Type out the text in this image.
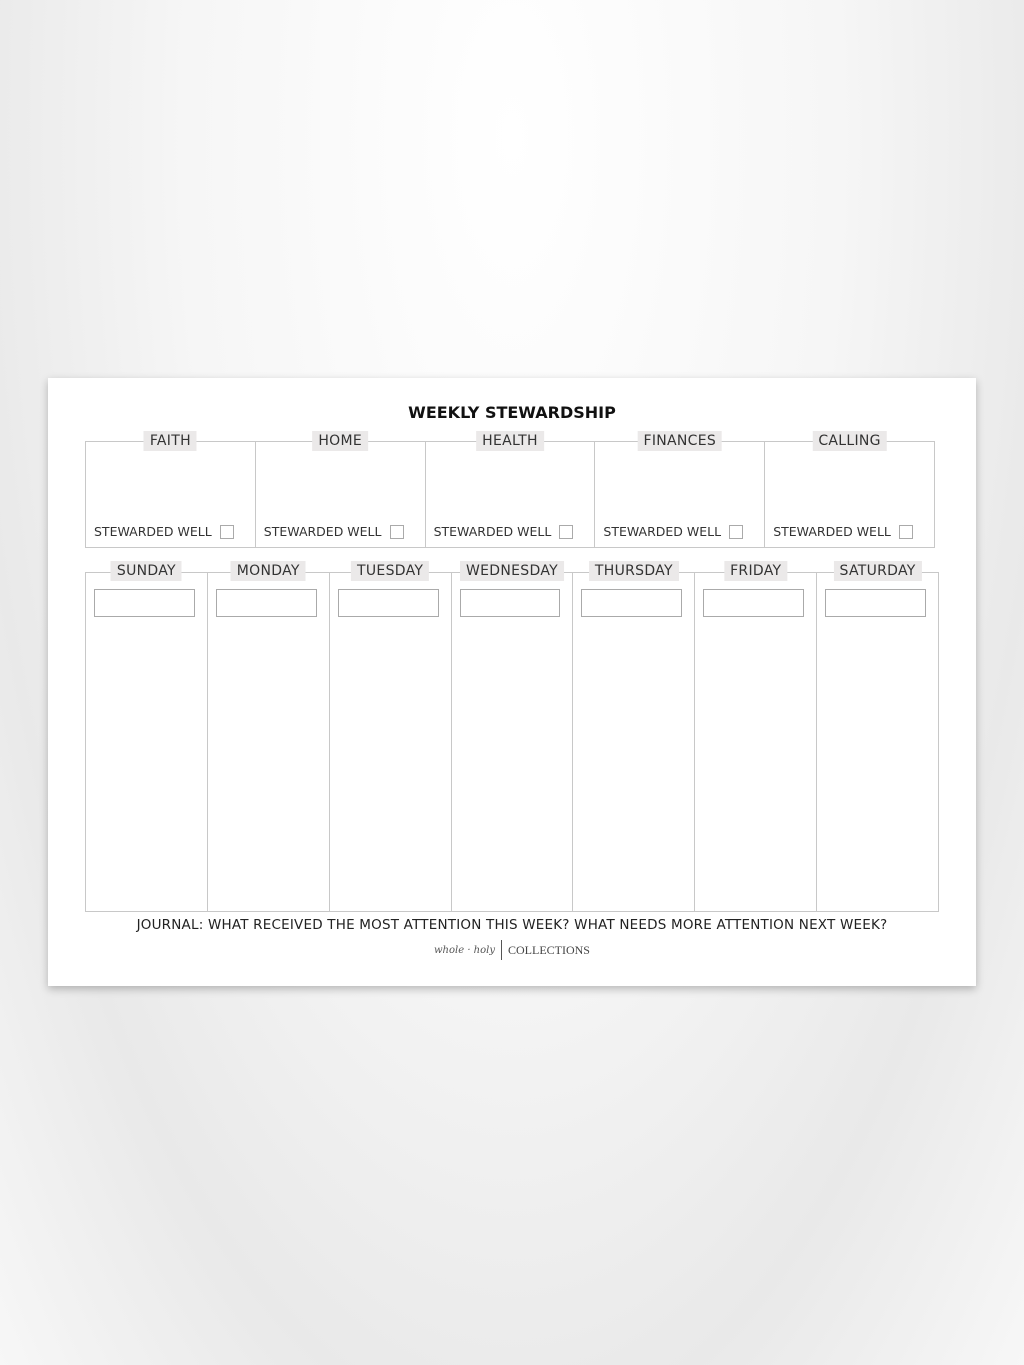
WEEKLY STEWARDSHIP
FAITH
STEWARDED WELL
HOME
STEWARDED WELL
HEALTH
STEWARDED WELL
FINANCES
STEWARDED WELL
CALLING
STEWARDED WELL
SUNDAY	MONDAY	TUESDAY	WEDNESDAY	THURSDAY	FRIDAY	SATURDAY
JOURNAL: WHAT RECEIVED THE MOST ATTENTION THIS WEEK? WHAT NEEDS MORE ATTENTION NEXT WEEK?
whole · holy COLLECTIONS
